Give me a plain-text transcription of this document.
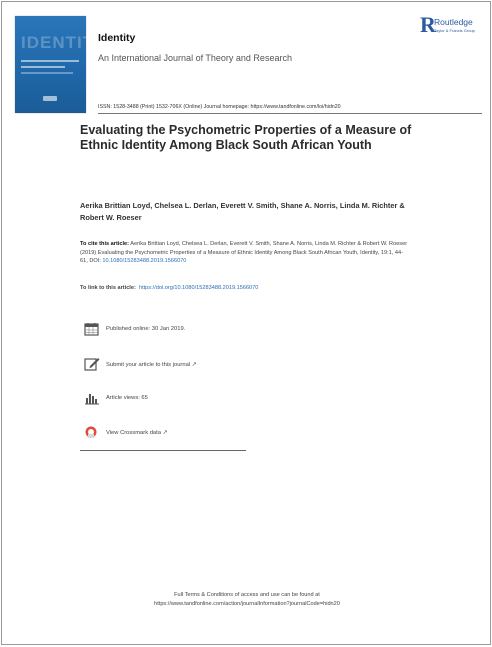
IDENTITY
Identity
An International Journal of Theory and Research
R
Routledge
Taylor & Francis Group
ISSN: 1528-3488 (Print) 1532-706X (Online) Journal homepage: https://www.tandfonline.com/loi/hidn20
Evaluating the Psychometric Properties of a Measure of Ethnic Identity Among Black South African Youth
Aerika Brittian Loyd, Chelsea L. Derlan, Everett V. Smith, Shane A. Norris, Linda M. Richter & Robert W. Roeser
To cite this article: Aerika Brittian Loyd, Chelsea L. Derlan, Everett V. Smith, Shane A. Norris, Linda M. Richter & Robert W. Roeser (2019) Evaluating the Psychometric Properties of a Measure of Ethnic Identity Among Black South African Youth, Identity, 19:1, 44-61, DOI: 10.1080/15283488.2019.1566070
To link to this article: https://doi.org/10.1080/15283488.2019.1566070
Published online: 30 Jan 2019.
Submit your article to this journal ↗
Article views: 65
View Crossmark data ↗
Full Terms & Conditions of access and use can be found at
https://www.tandfonline.com/action/journalInformation?journalCode=hidn20
